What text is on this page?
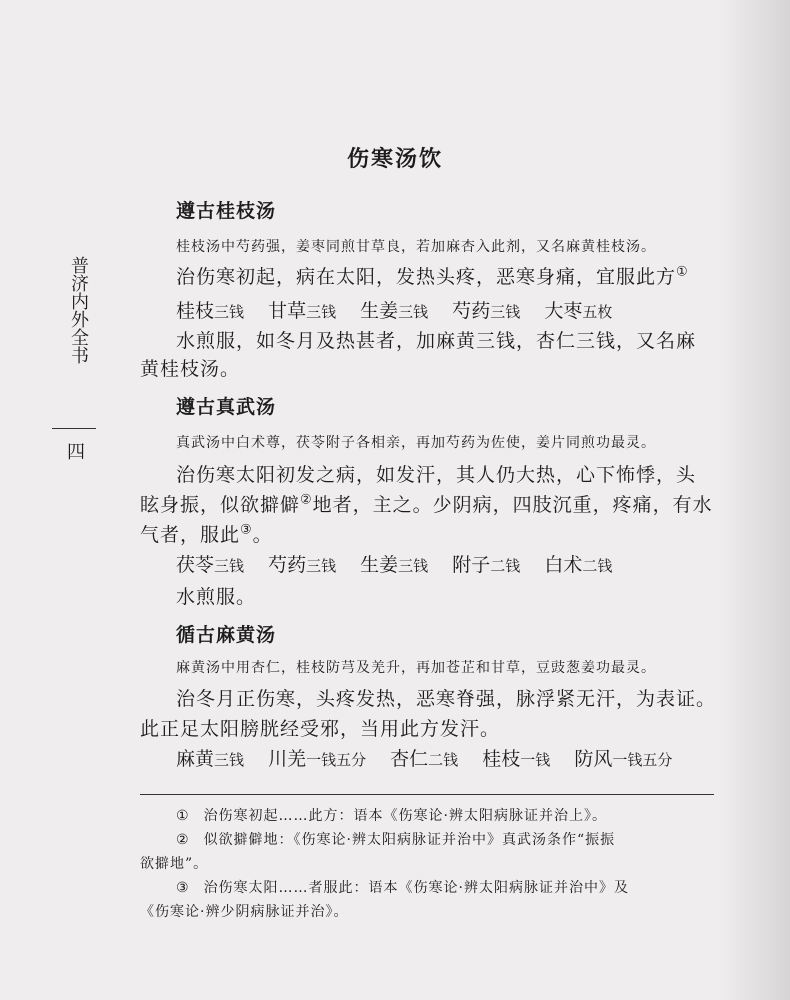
伤寒汤饮
普济内外全书
四
遵古桂枝汤
桂枝汤中芍药强，姜枣同煎甘草良，若加麻杏入此剂，又名麻黄桂枝汤。
治伤寒初起，病在太阳，发热头疼，恶寒身痛，宜服此方①
桂枝三钱 甘草三钱 生姜三钱 芍药三钱 大枣五枚
水煎服，如冬月及热甚者，加麻黄三钱，杏仁三钱，又名麻
黄桂枝汤。
遵古真武汤
真武汤中白术尊，茯苓附子各相亲，再加芍药为佐使，姜片同煎功最灵。
治伤寒太阳初发之病，如发汗，其人仍大热，心下怖悸，头
眩身振，似欲擗僻②地者，主之。少阴病，四肢沉重，疼痛，有水
气者，服此③。
茯苓三钱 芍药三钱 生姜三钱 附子二钱 白术二钱
水煎服。
循古麻黄汤
麻黄汤中用杏仁，桂枝防芎及羌升，再加苍芷和甘草，豆豉葱姜功最灵。
治冬月正伤寒，头疼发热，恶寒脊强，脉浮紧无汗，为表证。
此正足太阳膀胱经受邪，当用此方发汗。
麻黄三钱 川羌一钱五分 杏仁二钱 桂枝一钱 防风一钱五分
① 治伤寒初起……此方：语本《伤寒论·辨太阳病脉证并治上》。
② 似欲擗僻地：《伤寒论·辨太阳病脉证并治中》真武汤条作“振振
欲擗地”。
③ 治伤寒太阳……者服此：语本《伤寒论·辨太阳病脉证并治中》及
《伤寒论·辨少阴病脉证并治》。
